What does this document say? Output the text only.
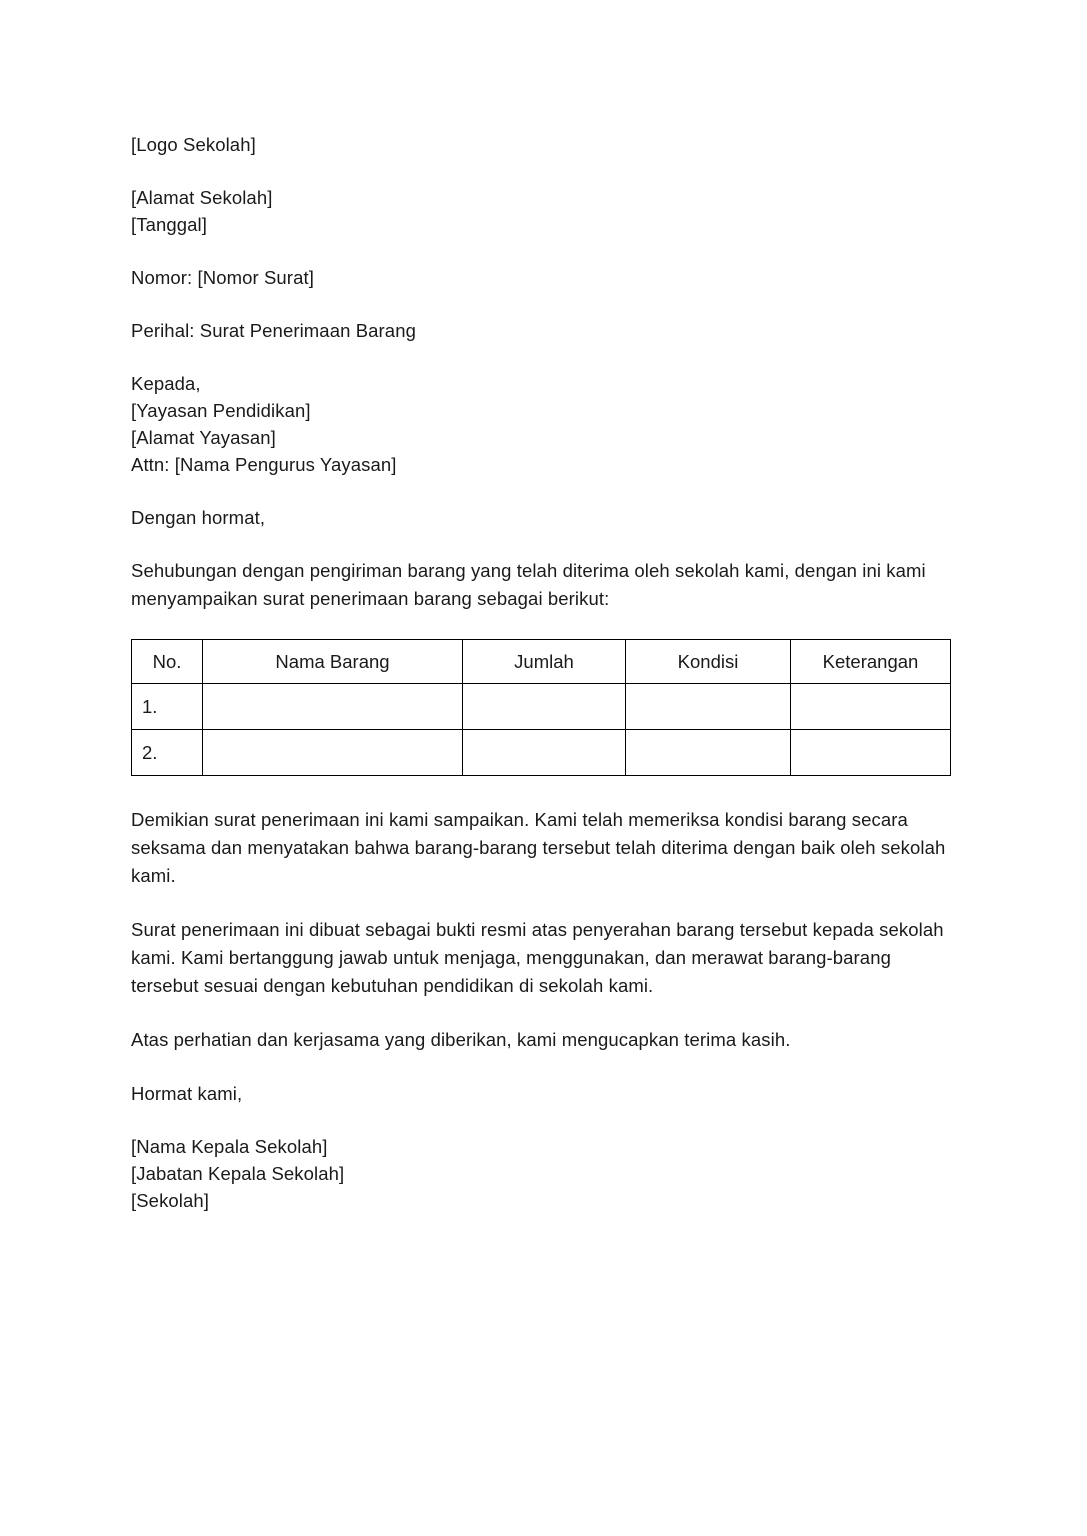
[Logo Sekolah]
[Alamat Sekolah]
[Tanggal]
Nomor: [Nomor Surat]
Perihal: Surat Penerimaan Barang
Kepada,
[Yayasan Pendidikan]
[Alamat Yayasan]
Attn: [Nama Pengurus Yayasan]
Dengan hormat,

Sehubungan dengan pengiriman barang yang telah diterima oleh sekolah kami, dengan ini kami menyampaikan surat penerimaan barang sebagai berikut:

No.	Nama Barang	Jumlah	Kondisi	Keterangan
1.				
2.				

Demikian surat penerimaan ini kami sampaikan. Kami telah memeriksa kondisi barang secara seksama dan menyatakan bahwa barang-barang tersebut telah diterima dengan baik oleh sekolah kami.

Surat penerimaan ini dibuat sebagai bukti resmi atas penyerahan barang tersebut kepada sekolah kami. Kami bertanggung jawab untuk menjaga, menggunakan, dan merawat barang-barang tersebut sesuai dengan kebutuhan pendidikan di sekolah kami.

Atas perhatian dan kerjasama yang diberikan, kami mengucapkan terima kasih.

Hormat kami,
[Nama Kepala Sekolah]
[Jabatan Kepala Sekolah]
[Sekolah]
